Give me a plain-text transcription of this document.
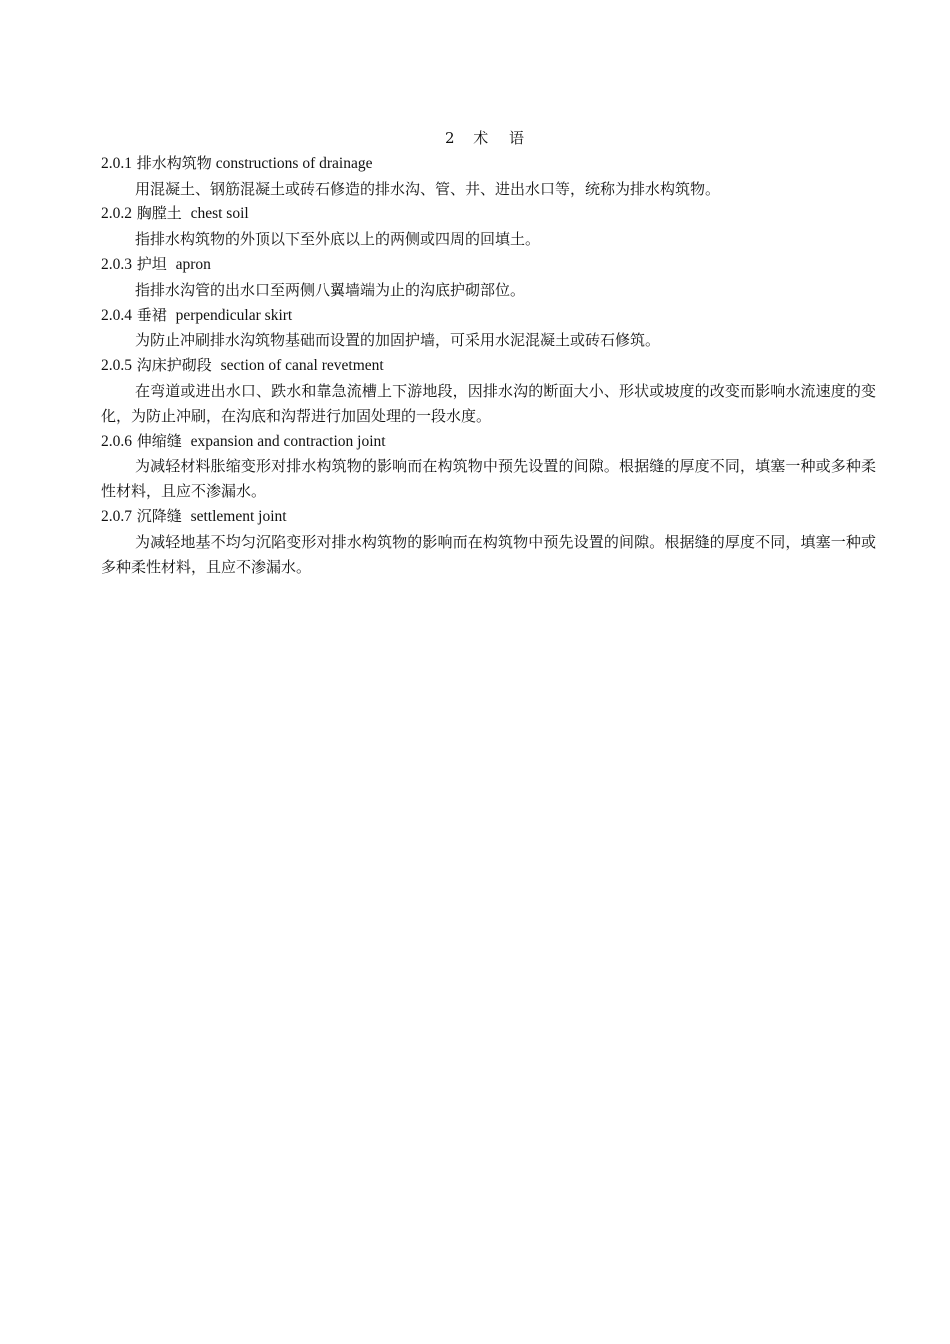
2 术 语

2.0.1 排水构筑物 constructions of drainage

用混凝土、钢筋混凝土或砖石修造的排水沟、管、井、进出水口等，统称为排水构筑物。

2.0.2 胸膛土 chest soil

指排水构筑物的外顶以下至外底以上的两侧或四周的回填土。

2.0.3 护坦 apron

指排水沟管的出水口至两侧八翼墙端为止的沟底护砌部位。

2.0.4 垂裙 perpendicular skirt

为防止冲刷排水沟筑物基础而设置的加固护墙，可采用水泥混凝土或砖石修筑。

2.0.5 沟床护砌段 section of canal revetment

在弯道或进出水口、跌水和靠急流槽上下游地段，因排水沟的断面大小、形状或坡度的改变而影响水流速度的变化，为防止冲刷，在沟底和沟帮进行加固处理的一段水度。

2.0.6 伸缩缝 expansion and contraction joint

为减轻材料胀缩变形对排水构筑物的影响而在构筑物中预先设置的间隙。根据缝的厚度不同，填塞一种或多种柔性材料，且应不渗漏水。

2.0.7 沉降缝 settlement joint

为减轻地基不均匀沉陷变形对排水构筑物的影响而在构筑物中预先设置的间隙。根据缝的厚度不同，填塞一种或多种柔性材料，且应不渗漏水。
